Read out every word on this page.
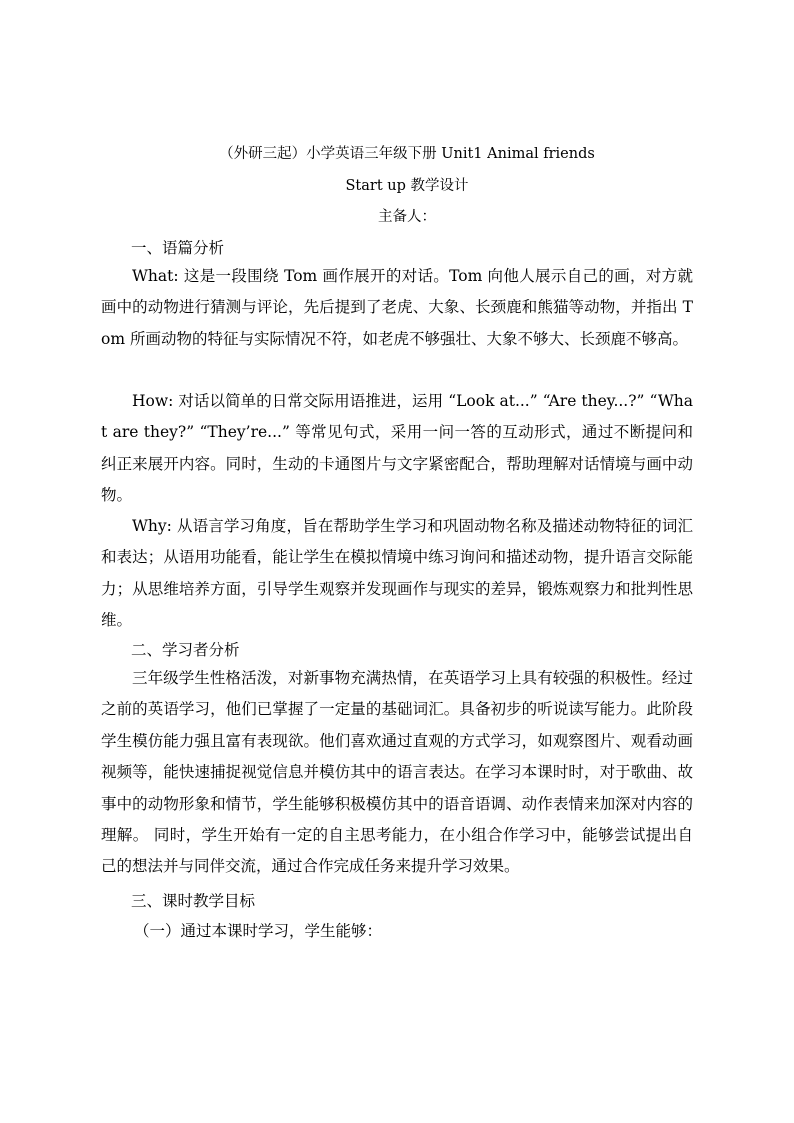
（外研三起）小学英语三年级下册 Unit1 Animal friends
Start up 教学设计
主备人：
一、语篇分析
What: 这是一段围绕 Tom 画作展开的对话。Tom 向他人展示自己的画，对方就画中的动物进行猜测与评论，先后提到了老虎、大象、长颈鹿和熊猫等动物，并指出 Tom 所画动物的特征与实际情况不符，如老虎不够强壮、大象不够大、长颈鹿不够高。
How: 对话以简单的日常交际用语推进，运用 “Look at...” “Are they...?” “What are they?” “They’re...” 等常见句式，采用一问一答的互动形式，通过不断提问和纠正来展开内容。同时，生动的卡通图片与文字紧密配合，帮助理解对话情境与画中动物。
Why: 从语言学习角度，旨在帮助学生学习和巩固动物名称及描述动物特征的词汇和表达；从语用功能看，能让学生在模拟情境中练习询问和描述动物，提升语言交际能力；从思维培养方面，引导学生观察并发现画作与现实的差异，锻炼观察力和批判性思维。
二、学习者分析
三年级学生性格活泼，对新事物充满热情，在英语学习上具有较强的积极性。经过之前的英语学习，他们已掌握了一定量的基础词汇。具备初步的听说读写能力。此阶段学生模仿能力强且富有表现欲。他们喜欢通过直观的方式学习，如观察图片、观看动画视频等，能快速捕捉视觉信息并模仿其中的语言表达。在学习本课时时，对于歌曲、故事中的动物形象和情节，学生能够积极模仿其中的语音语调、动作表情来加深对内容的理解。 同时，学生开始有一定的自主思考能力，在小组合作学习中，能够尝试提出自己的想法并与同伴交流，通过合作完成任务来提升学习效果。
三、课时教学目标
（一）通过本课时学习，学生能够：
